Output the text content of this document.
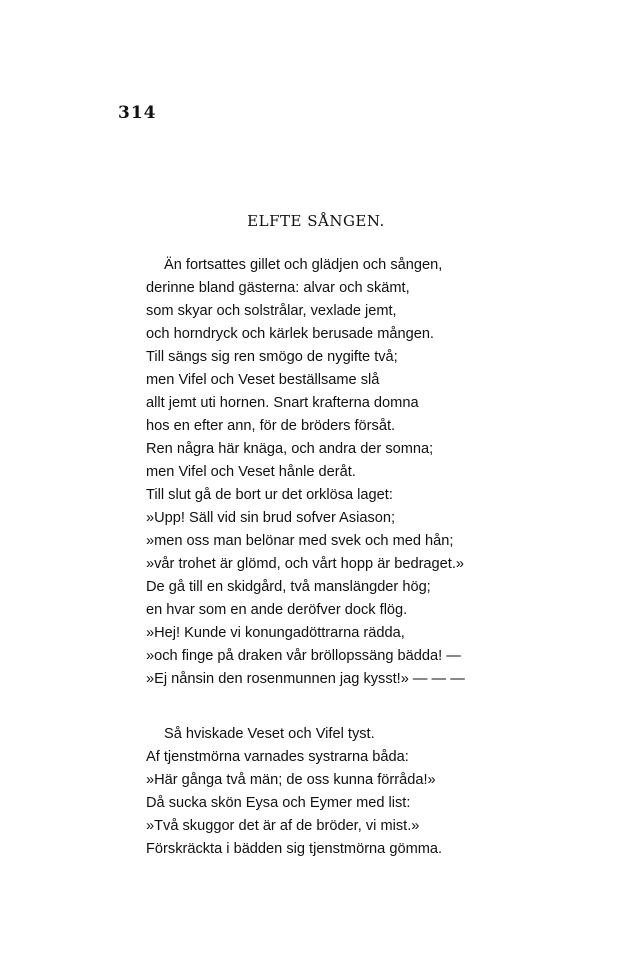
314
ELFTE SÅNGEN.
Än fortsattes gillet och glädjen och sången,
derinne bland gästerna: alvar och skämt,
som skyar och solstrålar, vexlade jemt,
och horndryck och kärlek berusade mången.
Till sängs sig ren smögo de nygifte två;
men Vifel och Veset beställsame slå
allt jemt uti hornen. Snart krafterna domna
hos en efter ann, för de bröders försåt.
Ren några här knäga, och andra der somna;
men Vifel och Veset hånle deråt.
Till slut gå de bort ur det orklösa laget:
»Upp! Säll vid sin brud sofver Asiason;
»men oss man belönar med svek och med hån;
»vår trohet är glömd, och vårt hopp är bedraget.»
De gå till en skidgård, två manslängder hög;
en hvar som en ande deröfver dock flög.
»Hej! Kunde vi konungadöttrarna rädda,
»och finge på draken vår bröllopssäng bädda! —
»Ej nånsin den rosenmunnen jag kysst!» — — —
Så hviskade Veset och Vifel tyst.
Af tjenstmörna varnades systrarna båda:
»Här gånga två män; de oss kunna förråda!»
Då sucka skön Eysa och Eymer med list:
»Två skuggor det är af de bröder, vi mist.»
Förskräckta i bädden sig tjenstmörna gömma.
